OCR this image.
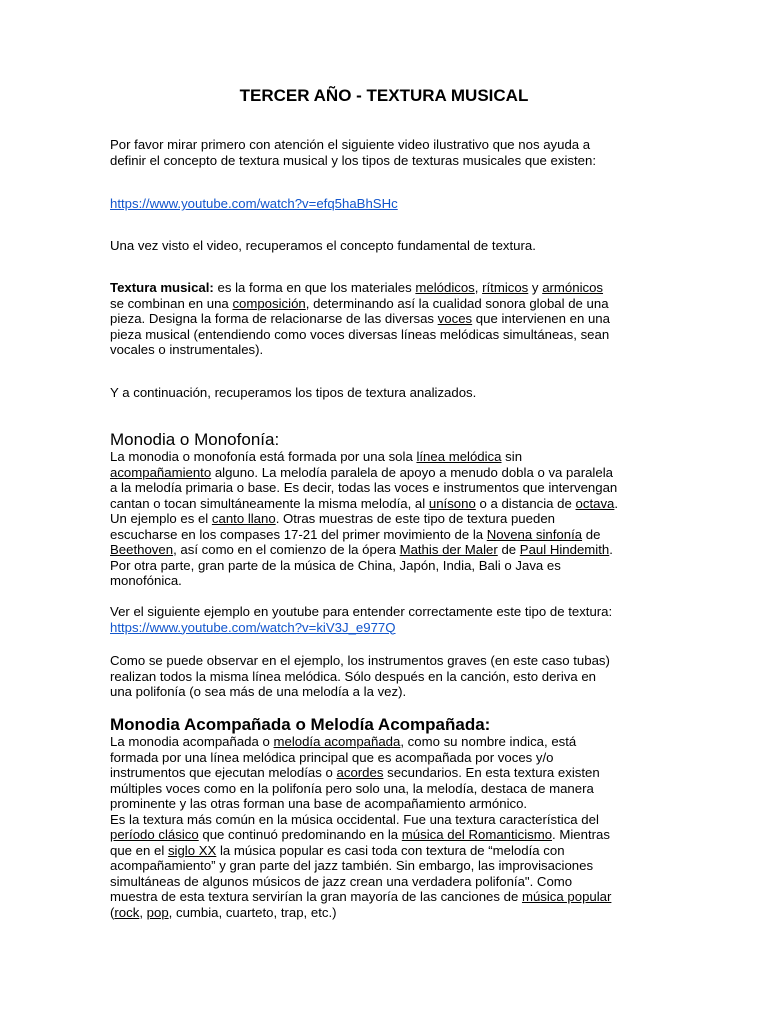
TERCER AÑO - TEXTURA MUSICAL

Por favor mirar primero con atención el siguiente video ilustrativo que nos ayuda a
definir el concepto de textura musical y los tipos de texturas musicales que existen:

https://www.youtube.com/watch?v=efq5haBhSHc

Una vez visto el video, recuperamos el concepto fundamental de textura.

Textura musical: es la forma en que los materiales melódicos, rítmicos y armónicos
se combinan en una composición, determinando así la cualidad sonora global de una
pieza. Designa la forma de relacionarse de las diversas voces que intervienen en una
pieza musical (entendiendo como voces diversas líneas melódicas simultáneas, sean
vocales o instrumentales).

Y a continuación, recuperamos los tipos de textura analizados.

Monodia o Monofonía:

La monodia o monofonía está formada por una sola línea melódica sin
acompañamiento alguno. La melodía paralela de apoyo a menudo dobla o va paralela
a la melodía primaria o base. Es decir, todas las voces e instrumentos que intervengan
cantan o tocan simultáneamente la misma melodía, al unísono o a distancia de octava.
Un ejemplo es el canto llano. Otras muestras de este tipo de textura pueden
escucharse en los compases 17-21 del primer movimiento de la Novena sinfonía de
Beethoven, así como en el comienzo de la ópera Mathis der Maler de Paul Hindemith.
Por otra parte, gran parte de la música de China, Japón, India, Bali o Java es
monofónica.

Ver el siguiente ejemplo en youtube para entender correctamente este tipo de textura:
https://www.youtube.com/watch?v=kiV3J_e977Q

Como se puede observar en el ejemplo, los instrumentos graves (en este caso tubas)
realizan todos la misma línea melódica. Sólo después en la canción, esto deriva en
una polifonía (o sea más de una melodía a la vez).

Monodia Acompañada o Melodía Acompañada:

La monodia acompañada o melodía acompañada, como su nombre indica, está
formada por una línea melódica principal que es acompañada por voces y/o
instrumentos que ejecutan melodías o acordes secundarios. En esta textura existen
múltiples voces como en la polifonía pero solo una, la melodía, destaca de manera
prominente y las otras forman una base de acompañamiento armónico.
Es la textura más común en la música occidental. Fue una textura característica del
período clásico que continuó predominando en la música del Romanticismo. Mientras
que en el siglo XX la música popular es casi toda con textura de “melodía con
acompañamiento” y gran parte del jazz también. Sin embargo, las improvisaciones
simultáneas de algunos músicos de jazz crean una verdadera polifonía". Como
muestra de esta textura servirían la gran mayoría de las canciones de música popular
(rock, pop, cumbia, cuarteto, trap, etc.)
